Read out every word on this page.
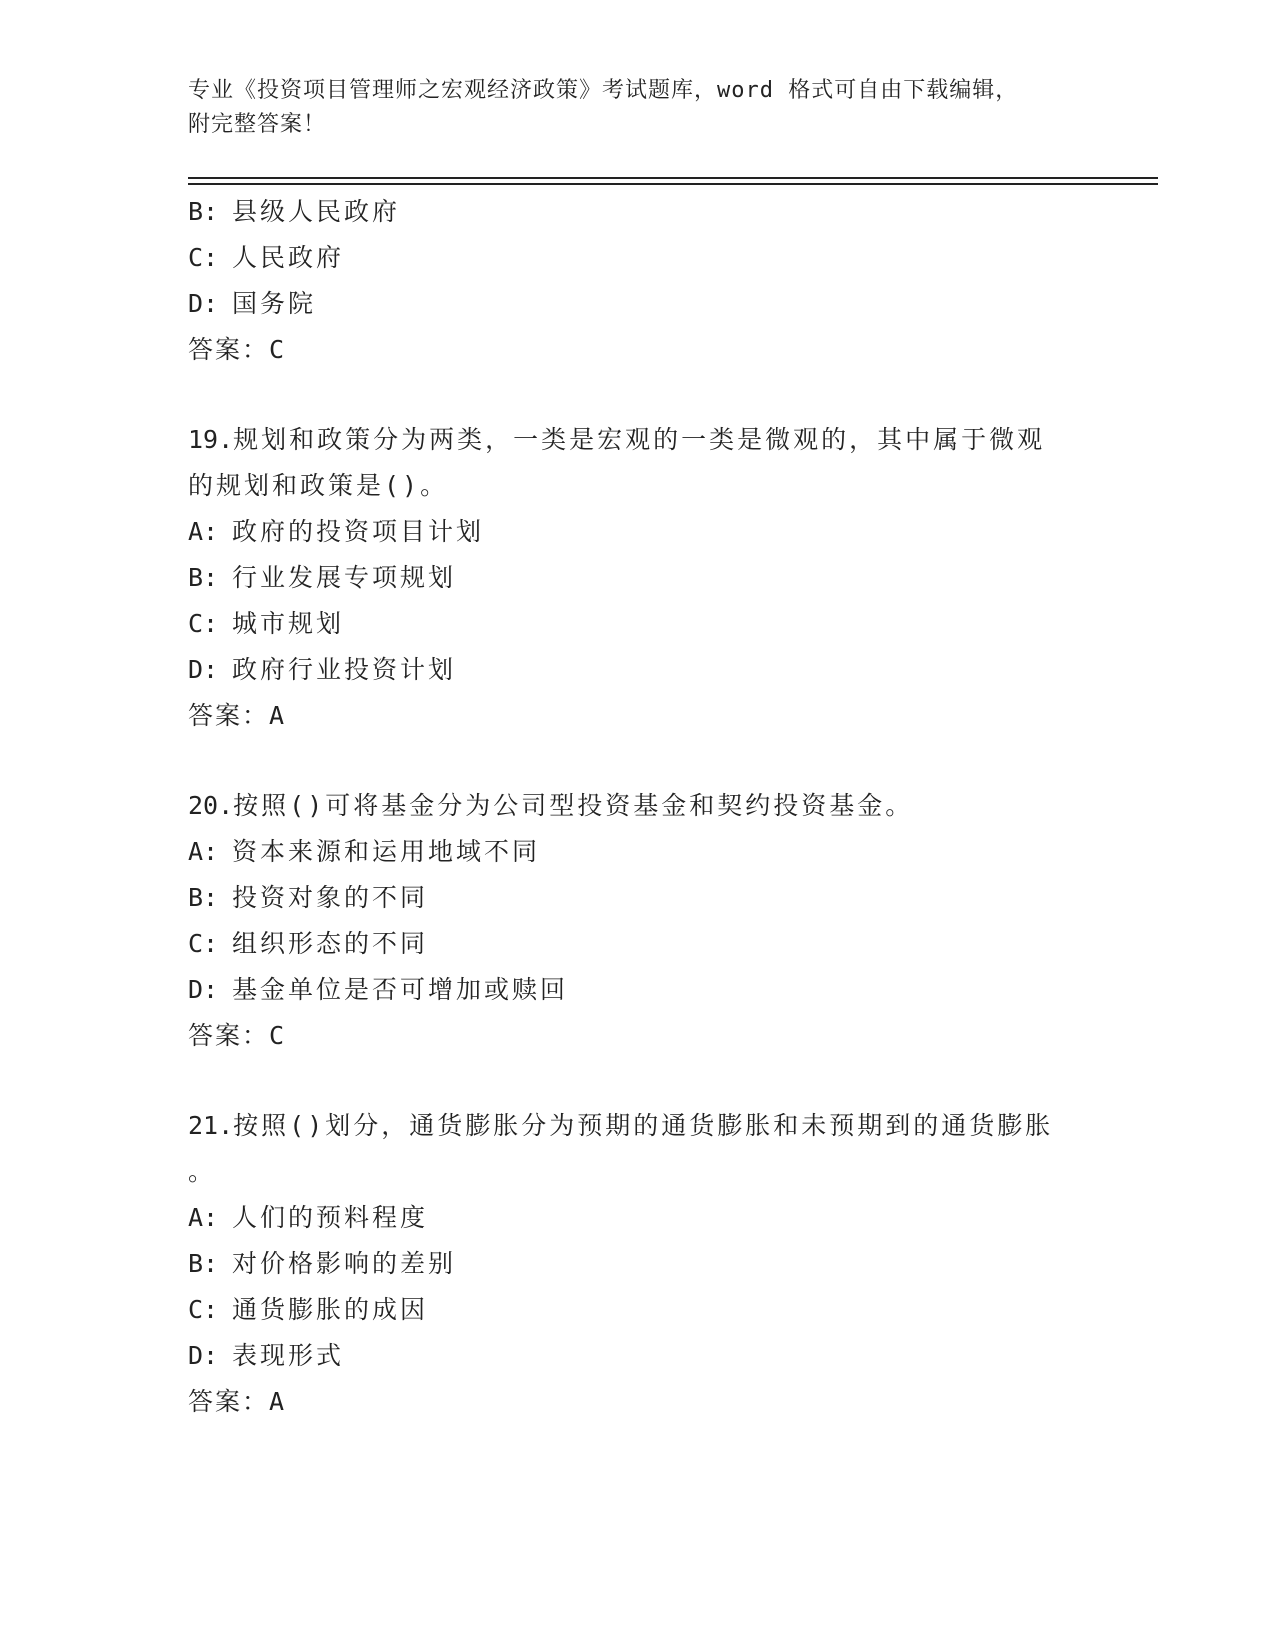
专业《投资项目管理师之宏观经济政策》考试题库，word 格式可自由下载编辑，
附完整答案！
B: 县级人民政府
C: 人民政府
D: 国务院
答案：C
19.规划和政策分为两类，一类是宏观的一类是微观的，其中属于微观
的规划和政策是()。
A: 政府的投资项目计划
B: 行业发展专项规划
C: 城市规划
D: 政府行业投资计划
答案：A
20.按照()可将基金分为公司型投资基金和契约投资基金。
A: 资本来源和运用地域不同
B: 投资对象的不同
C: 组织形态的不同
D: 基金单位是否可增加或赎回
答案：C
21.按照()划分，通货膨胀分为预期的通货膨胀和未预期到的通货膨胀
。
A: 人们的预料程度
B: 对价格影响的差别
C: 通货膨胀的成因
D: 表现形式
答案：A
